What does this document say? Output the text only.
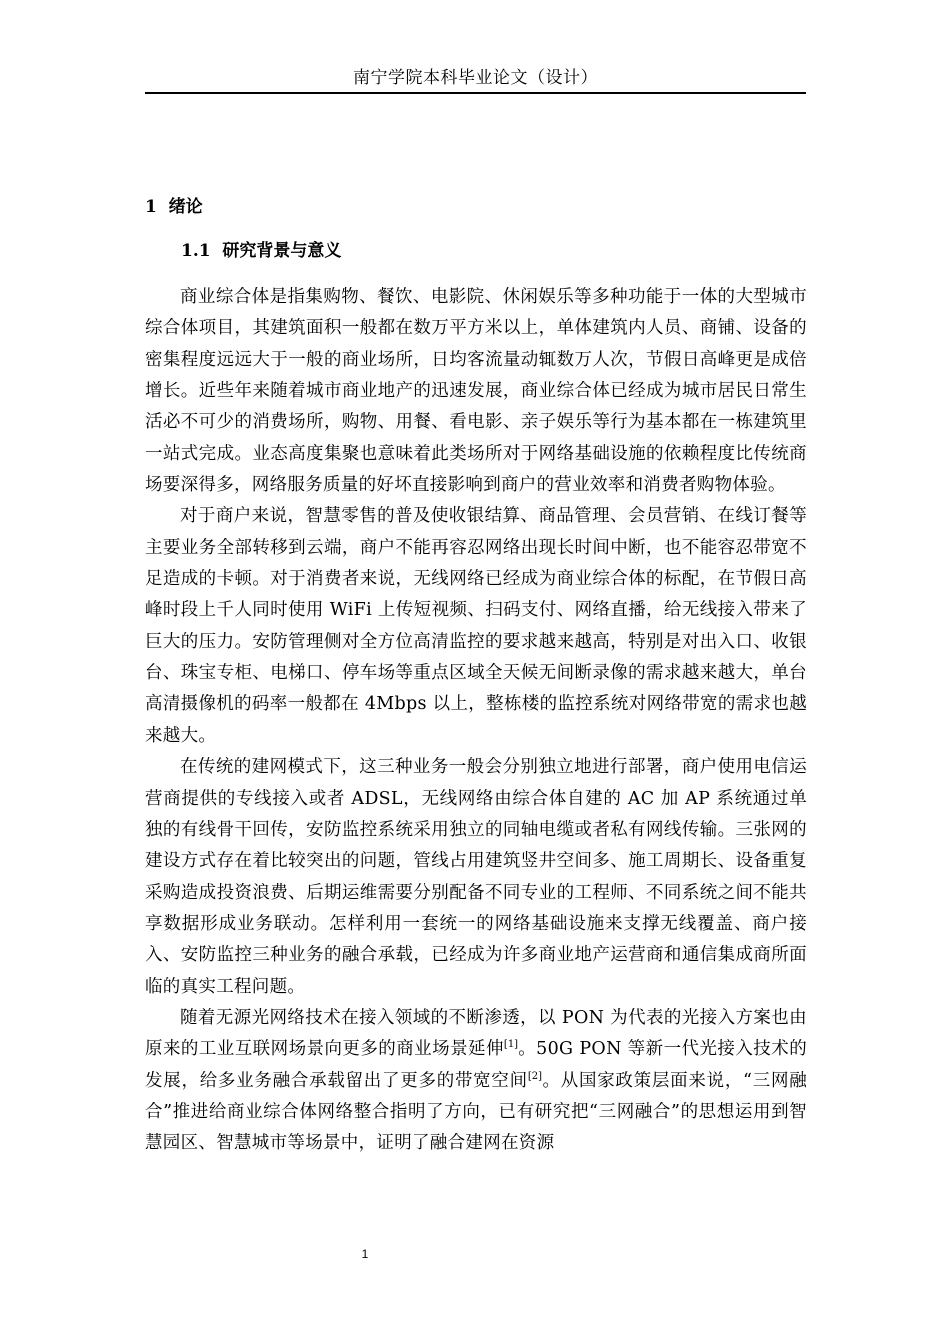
南宁学院本科毕业论文（设计）
1  绪论
1.1  研究背景与意义

商业综合体是指集购物、餐饮、电影院、休闲娱乐等多种功能于一体的大型城市综合体项目，其建筑面积一般都在数万平方米以上，单体建筑内人员、商铺、设备的密集程度远远大于一般的商业场所，日均客流量动辄数万人次，节假日高峰更是成倍增长。近些年来随着城市商业地产的迅速发展，商业综合体已经成为城市居民日常生活必不可少的消费场所，购物、用餐、看电影、亲子娱乐等行为基本都在一栋建筑里一站式完成。业态高度集聚也意味着此类场所对于网络基础设施的依赖程度比传统商场要深得多，网络服务质量的好坏直接影响到商户的营业效率和消费者购物体验。

对于商户来说，智慧零售的普及使收银结算、商品管理、会员营销、在线订餐等主要业务全部转移到云端，商户不能再容忍网络出现长时间中断，也不能容忍带宽不足造成的卡顿。对于消费者来说，无线网络已经成为商业综合体的标配，在节假日高峰时段上千人同时使用 WiFi 上传短视频、扫码支付、网络直播，给无线接入带来了巨大的压力。安防管理侧对全方位高清监控的要求越来越高，特别是对出入口、收银台、珠宝专柜、电梯口、停车场等重点区域全天候无间断录像的需求越来越大，单台高清摄像机的码率一般都在 4Mbps 以上，整栋楼的监控系统对网络带宽的需求也越来越大。

在传统的建网模式下，这三种业务一般会分别独立地进行部署，商户使用电信运营商提供的专线接入或者 ADSL，无线网络由综合体自建的 AC 加 AP 系统通过单独的有线骨干回传，安防监控系统采用独立的同轴电缆或者私有网线传输。三张网的建设方式存在着比较突出的问题，管线占用建筑竖井空间多、施工周期长、设备重复采购造成投资浪费、后期运维需要分别配备不同专业的工程师、不同系统之间不能共享数据形成业务联动。怎样利用一套统一的网络基础设施来支撑无线覆盖、商户接入、安防监控三种业务的融合承载，已经成为许多商业地产运营商和通信集成商所面临的真实工程问题。

随着无源光网络技术在接入领域的不断渗透，以 PON 为代表的光接入方案也由原来的工业互联网场景向更多的商业场景延伸[1]。50G PON 等新一代光接入技术的发展，给多业务融合承载留出了更多的带宽空间[2]。从国家政策层面来说，“三网融合”推进给商业综合体网络整合指明了方向，已有研究把“三网融合”的思想运用到智慧园区、智慧城市等场景中，证明了融合建网在资源

1
